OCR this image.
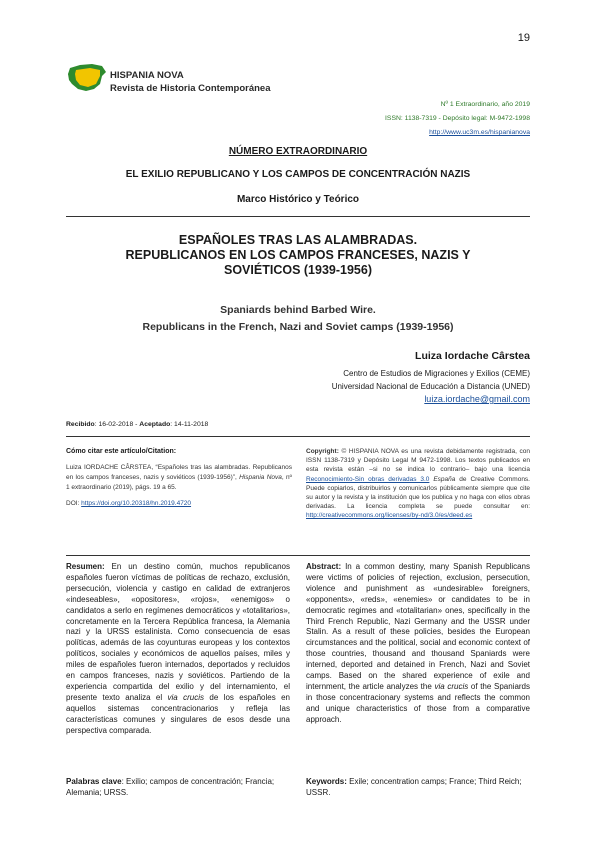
19
HISPANIA NOVA
Revista de Historia Contemporánea
Nº 1 Extraordinario, año 2019
ISSN: 1138-7319 - Depósito legal: M-9472-1998
http://www.uc3m.es/hispanianova
NÚMERO EXTRAORDINARIO
EL EXILIO REPUBLICANO Y LOS CAMPOS DE CONCENTRACIÓN NAZIS
Marco Histórico y Teórico
ESPAÑOLES TRAS LAS ALAMBRADAS.
REPUBLICANOS EN LOS CAMPOS FRANCESES, NAZIS Y
SOVIÉTICOS (1939-1956)
Spaniards behind Barbed Wire.
Republicans in the French, Nazi and Soviet camps (1939-1956)
Luiza Iordache Cârstea
Centro de Estudios de Migraciones y Exilios (CEME)
Universidad Nacional de Educación a Distancia (UNED)
luiza.iordache@gmail.com
Recibido: 16-02-2018 - Aceptado: 14-11-2018
Cómo citar este artículo/Citation:
Luiza IORDACHE CÂRSTEA, “Españoles tras las alambradas. Republicanos en los campos franceses, nazis y soviéticos (1939-1956)”, Hispania Nova, nº 1 extraordinario (2019), págs. 19 a 65.
DOI: https://doi.org/10.20318/hn.2019.4720
Copyright: © HISPANIA NOVA es una revista debidamente registrada, con ISSN 1138-7319 y Depósito Legal M 9472-1998. Los textos publicados en esta revista están –si no se indica lo contrario– bajo una licencia Reconocimiento-Sin obras derivadas 3.0 España de Creative Commons. Puede copiarlos, distribuirlos y comunicarlos públicamente siempre que cite su autor y la revista y la institución que los publica y no haga con ellos obras derivadas. La licencia completa se puede consultar en: http://creativecommons.org/licenses/by-nd/3.0/es/deed.es
Resumen: En un destino común, muchos republicanos españoles fueron víctimas de políticas de rechazo, exclusión, persecución, violencia y castigo en calidad de extranjeros «indeseables», «opositores», «rojos», «enemigos» o candidatos a serlo en regímenes democráticos y «totalitarios», concretamente en la Tercera República francesa, la Alemania nazi y la URSS estalinista. Como consecuencia de esas políticas, además de las coyunturas europeas y los contextos políticos, sociales y económicos de aquellos países, miles y miles de españoles fueron internados, deportados y recluidos en campos franceses, nazis y soviéticos. Partiendo de la experiencia compartida del exilio y del internamiento, el presente texto analiza el via crucis de los españoles en aquellos sistemas concentracionarios y refleja las características comunes y singulares de esos desde una perspectiva comparada.
Abstract: In a common destiny, many Spanish Republicans were victims of policies of rejection, exclusion, persecution, violence and punishment as «undesirable» foreigners, «opponents», «reds», «enemies» or candidates to be in democratic regimes and «totalitarian» ones, specifically in the Third French Republic, Nazi Germany and the USSR under Stalin. As a result of these policies, besides the European circumstances and the political, social and economic context of those countries, thousand and thousand Spaniards were interned, deported and detained in French, Nazi and Soviet camps. Based on the shared experience of exile and internment, the article analyzes the via crucis of the Spaniards in those concentracionary systems and reflects the common and unique characteristics of those from a comparative approach.
Palabras clave: Exilio; campos de concentración; Francia; Alemania; URSS.
Keywords: Exile; concentration camps; France; Third Reich; USSR.
